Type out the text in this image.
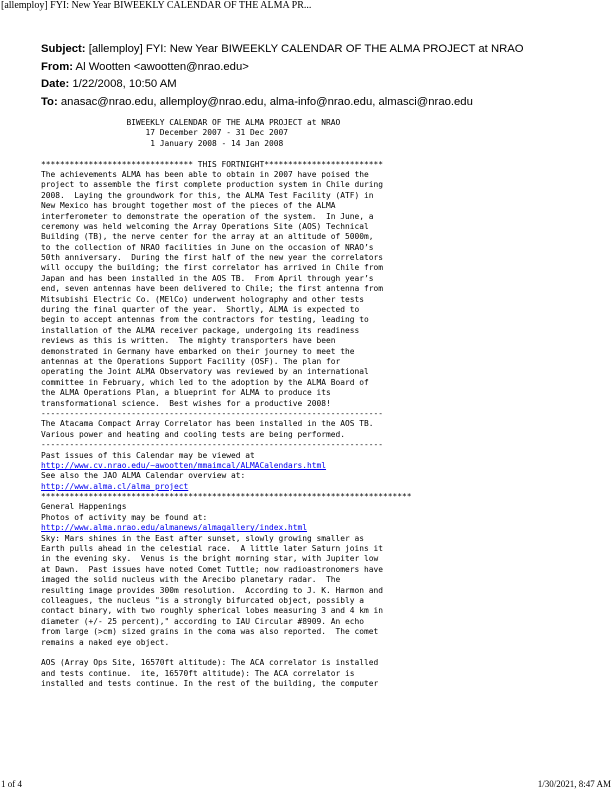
[allemploy] FYI: New Year BIWEEKLY CALENDAR OF THE ALMA PR...
Subject: [allemploy] FYI: New Year BIWEEKLY CALENDAR OF THE ALMA PROJECT at NRAO
From: Al Wootten <awootten@nrao.edu>
Date: 1/22/2008, 10:50 AM
To: anasac@nrao.edu, allemploy@nrao.edu, alma-info@nrao.edu, almasci@nrao.edu
BIWEEKLY CALENDAR OF THE ALMA PROJECT at NRAO
17 December 2007 - 31 Dec 2007
1 January 2008 - 14 Jan 2008
******************************** THIS FORTNIGHT*************************
The achievements ALMA has been able to obtain in 2007 have poised the
project to assemble the first complete production system in Chile during
2008.  Laying the groundwork for this, the ALMA Test Facility (ATF) in
New Mexico has brought together most of the pieces of the ALMA
interferometer to demonstrate the operation of the system.  In June, a
ceremony was held welcoming the Array Operations Site (AOS) Technical
Building (TB), the nerve center for the array at an altitude of 5000m,
to the collection of NRAO facilities in June on the occasion of NRAO’s
50th anniversary.  During the first half of the new year the correlators
will occupy the building; the first correlator has arrived in Chile from
Japan and has been installed in the AOS TB.  From April through year’s
end, seven antennas have been delivered to Chile; the first antenna from
Mitsubishi Electric Co. (MElCo) underwent holography and other tests
during the final quarter of the year.  Shortly, ALMA is expected to
begin to accept antennas from the contractors for testing, leading to
installation of the ALMA receiver package, undergoing its readiness
reviews as this is written.  The mighty transporters have been
demonstrated in Germany have embarked on their journey to meet the
antennas at the Operations Support Facility (OSF). The plan for
operating the Joint ALMA Observatory was reviewed by an international
committee in February, which led to the adoption by the ALMA Board of
the ALMA Operations Plan, a blueprint for ALMA to produce its
transformational science.  Best wishes for a productive 2008!
------------------------------------------------------------------------
The Atacama Compact Array Correlator has been installed in the AOS TB.
Various power and heating and cooling tests are being performed.
------------------------------------------------------------------------
Past issues of this Calendar may be viewed at
http://www.cv.nrao.edu/~awootten/mmaimcal/ALMACalendars.html
See also the JAO ALMA Calendar overview at:
http://www.alma.cl/alma_project
******************************************************************************
General Happenings
Photos of activity may be found at:
http://www.alma.nrao.edu/almanews/almagallery/index.html
Sky: Mars shines in the East after sunset, slowly growing smaller as
Earth pulls ahead in the celestial race.  A little later Saturn joins it
in the evening sky.  Venus is the bright morning star, with Jupiter low
at Dawn.  Past issues have noted Comet Tuttle; now radioastronomers have
imaged the solid nucleus with the Arecibo planetary radar.  The
resulting image provides 300m resolution.  According to J. K. Harmon and
colleagues, the nucleus "is a strongly bifurcated object, possibly a
contact binary, with two roughly spherical lobes measuring 3 and 4 km in
diameter (+/- 25 percent)," according to IAU Circular #8909. An echo
from large (>cm) sized grains in the coma was also reported.  The comet
remains a naked eye object.
AOS (Array Ops Site, 16570ft altitude): The ACA correlator is installed
and tests continue.  ite, 16570ft altitude): The ACA correlator is
installed and tests continue. In the rest of the building, the computer
1 of 4	1/30/2021, 8:47 AM
